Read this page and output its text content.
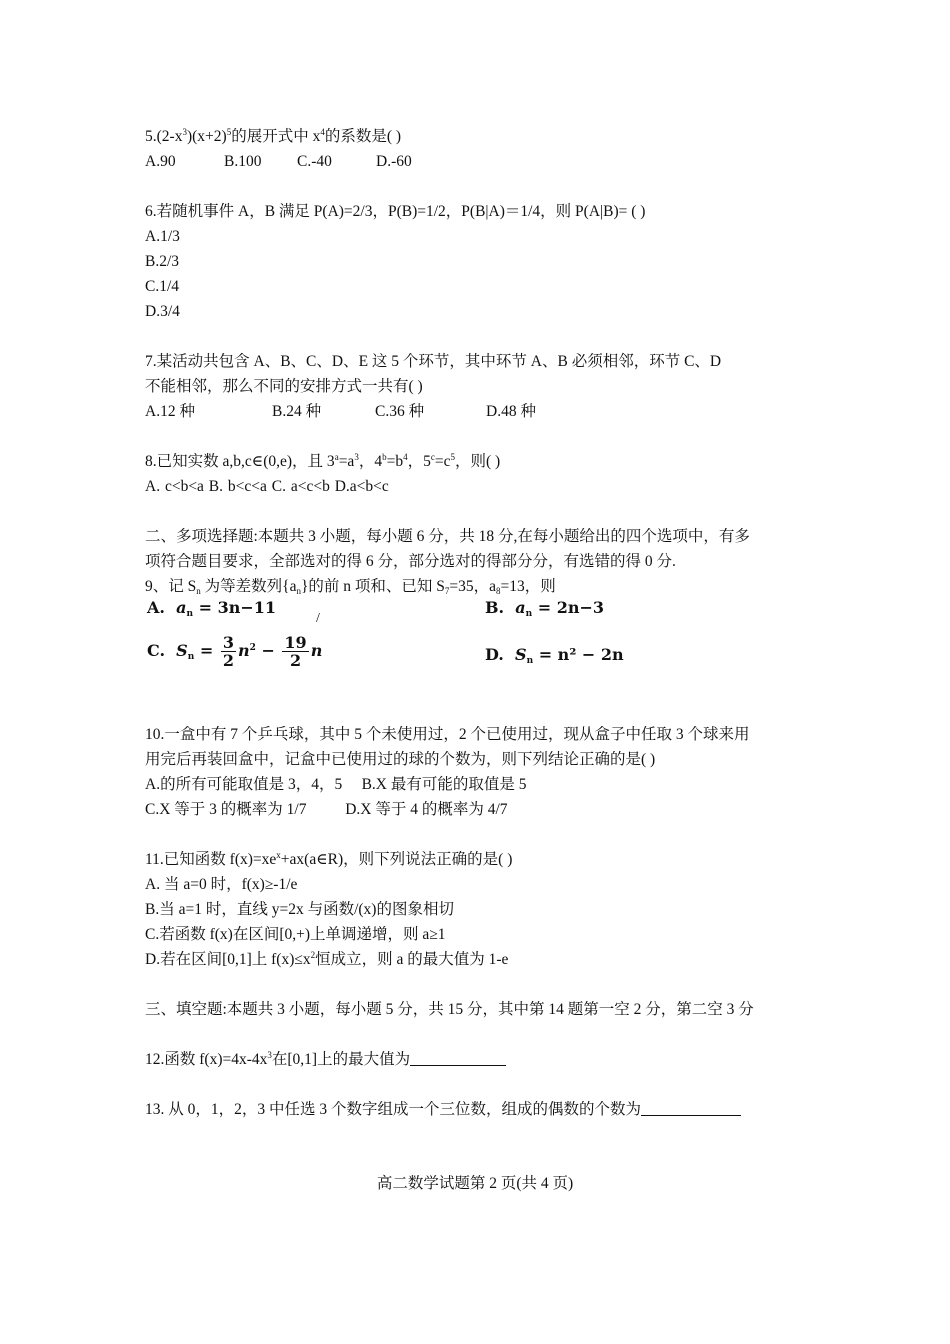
$5.(2-x^3)(x+2)^5$的展开式中 $x^4$的系数是( )
A.90	B.100 C.-40	D.-60
6.若随机事件 A，B 满足 P(A)=2/3，P(B)=1/2，P(B|A)＝1/4，则 P(A|B)= ( )
A.1/3
B.2/3
C.1/4
D.3/4
7.某活动共包含 A、B、C、D、E 这 5 个环节，其中环节 A、B 必须相邻，环节 C、D
不能相邻，那么不同的安排方式一共有( )
A.12 种	B.24 种	C.36 种	D.48 种
8.已知实数 a,b,c∈(0,e)，且 $3^a=a^3$，$4^b=b^4$，$5^c=c^5$，则( )
A. c<b<a B. b<c<a C. a<c<b D.a<b<c
二、多项选择题:本题共 3 小题，每小题 6 分，共 18 分,在每小题给出的四个选项中，有多
项符合题目要求，全部选对的得 6 分，部分选对的得部分分，有选错的得 0 分.
9、记 $S_n$ 为等差数列$\{a_n\}$的前 n 项和、已知 $S_7=35$，$a_8=13$，则
A. $a_n = 3n-11$
/
B. $a_n = 2n-3$
C. $S_n = \frac{3}{2} n^2 - \frac{19}{2}$ n	D. $S_n = n^2 - 2n$
10.一盒中有 7 个乒乓球，其中 5 个未使用过，2 个已使用过，现从盒子中任取 3 个球来用
用完后再装回盒中，记盒中已使用过的球的个数为，则下列结论正确的是( )
A.的所有可能取值是 3，4，5     B.X 最有可能的取值是 5
C.X 等于 3 的概率为 1/7          D.X 等于 4 的概率为 4/7
11.已知函数 $f(x)=xe^x+ax(a\in R)$，则下列说法正确的是( )
A. 当 a=0 时，f(x)≥-1/e
B.当 a=1 时，直线 y=2x 与函数/(x)的图象相切
C.若函数 f(x)在区间[0,+)上单调递增，则 a≥1
D.若在区间[0,1]上 $f(x)\le x^2$恒成立，则 a 的最大值为 1-e
三、填空题:本题共 3 小题，每小题 5 分，共 15 分，其中第 14 题第一空 2 分，第二空 3 分
12.函数 $f(x)=4x-4x^3$在[0,1]上的最大值为
13. 从 0，1，2，3 中任选 3 个数字组成一个三位数，组成的偶数的个数为
高二数学试题第 2 页(共 4 页)
